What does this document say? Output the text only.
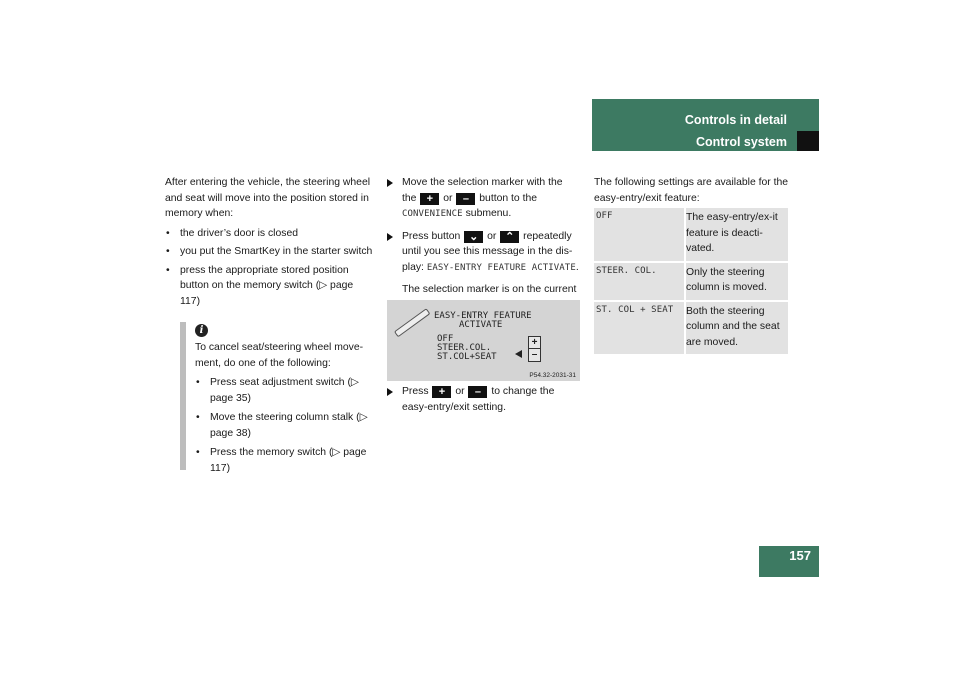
Controls in detail
Control system
After entering the vehicle, the steering wheel and seat will move into the position stored in memory when:
• the driver’s door is closed
• you put the SmartKey in the starter switch
• press the appropriate stored position button on the memory switch (▷ page 117)
i
To cancel seat/steering wheel move-ment, do one of the following:
• Press seat adjustment switch (▷ page 35)
• Move the steering column stalk (▷ page 38)
• Press the memory switch (▷ page 117)
Move the selection marker with the
the + or – button to the CONVENIENCE submenu.
Press button ⌄ or ⌃ repeatedly until you see this message in the dis-play: EASY-ENTRY FEATURE ACTIVATE.
The selection marker is on the current
EASY-ENTRY FEATURE
ACTIVATE
OFF
STEER.COL.
ST.COL+SEAT
+
–
P54.32-2031-31
Press + or – to change the easy-entry/exit setting.
The following settings are available for the easy-entry/exit feature:
OFF	The easy-entry/ex-it feature is deacti-vated.
STEER. COL.	Only the steering column is moved.
ST. COL + SEAT Both the steering column and the seat are moved.
157
